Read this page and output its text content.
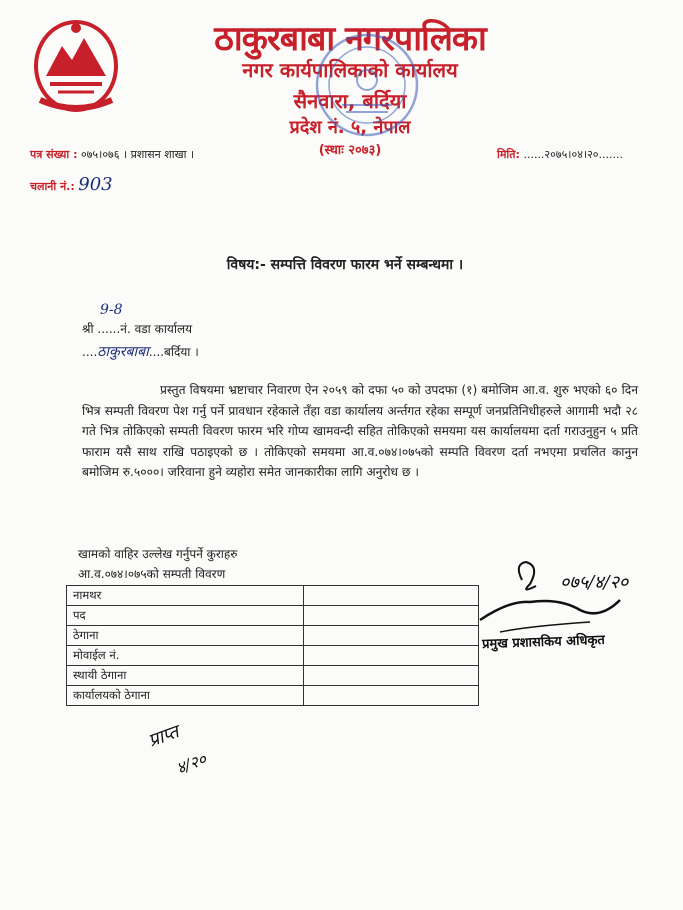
ठाकुरबाबा नगरपालिका
नगर कार्यपालिकाको कार्यालय
सैनवारा, बर्दिया
प्रदेश नं. ५, नेपाल
(स्थाः २०७३)
पत्र संख्या : ०७५।०७६ । प्रशासन शाखा ।
चलानी नं.: 903
मिति: ......२०७५।०४।२०.......
विषय:- सम्पत्ति विवरण फारम भर्ने सम्बन्धमा ।
9-8
श्री ......नं. वडा कार्यालय
....ठाकुरबाबा....बर्दिया ।

प्रस्तुत विषयमा भ्रष्टाचार निवारण ऐन २०५९ को दफा ५० को उपदफा (१) बमोजिम आ.व. शुरु भएको ६० दिन भित्र सम्पती विवरण पेश गर्नु पर्ने प्रावधान रहेकाले तँहा वडा कार्यालय अर्न्तगत रहेका सम्पूर्ण जनप्रतिनिधीहरुले आगामी भदौ २८ गते भित्र तोकिएको सम्पती विवरण फारम भरि गोप्य खामवन्दी सहित तोकिएको समयमा यस कार्यालयमा दर्ता गराउनुहुन ५ प्रति फाराम यसै साथ राखि पठाइएको छ । तोकिएको समयमा आ.व.०७४।०७५को सम्पति विवरण दर्ता नभएमा प्रचलित कानुन बमोजिम रु.५०००। जरिवाना हुने व्यहोरा समेत जानकारीका लागि अनुरोध छ ।

खामको वाहिर उल्लेख गर्नुपर्ने कुराहरु
आ.व.०७४।०७५को सम्पती विवरण
नामथर	
पद	
ठेगाना	
मोवाईल नं.	
स्थायी ठेगाना	
कार्यालयको ठेगाना	
०७५/४/२०
प्रमुख प्रशासकिय अधिकृत
प्राप्त
४/२०
